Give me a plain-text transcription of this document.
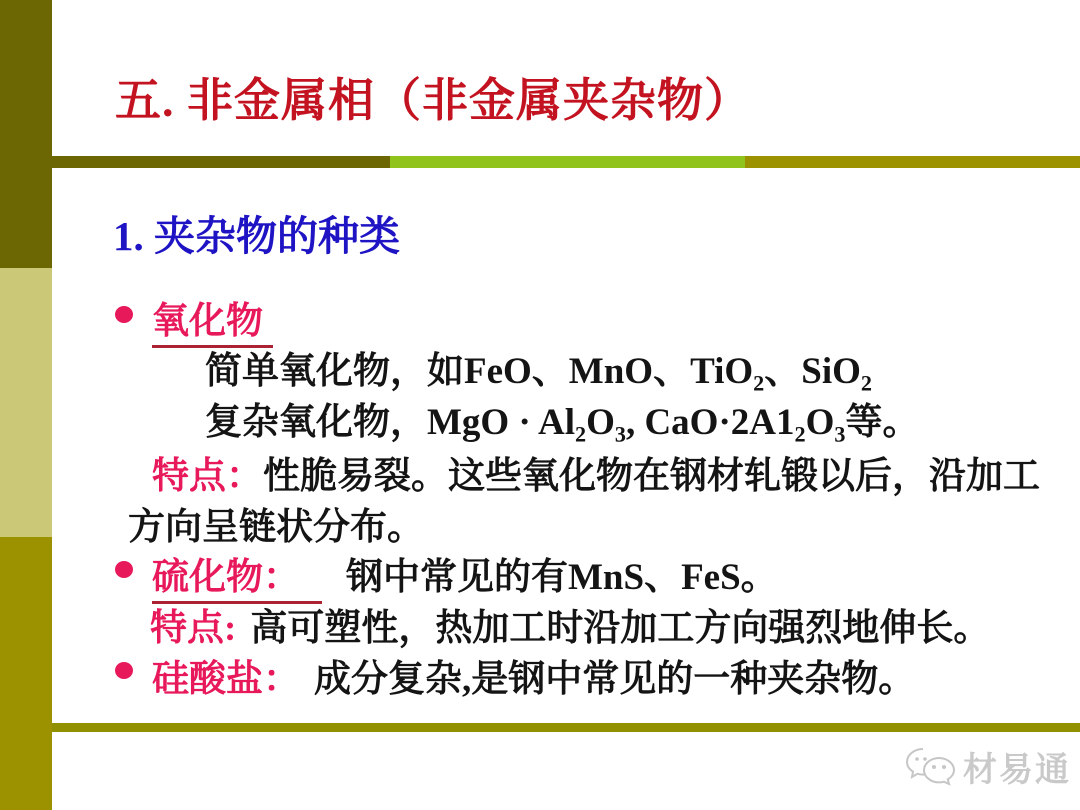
五. 非金属相（非金属夹杂物）
1. 夹杂物的种类
氧化物
简单氧化物，如FeO、MnO、TiO₂、SiO₂
复杂氧化物，MgO · Al₂O₃, CaO·2A1₂O₃等。
特点：性脆易裂。这些氧化物在钢材轧锻以后，沿加工方向呈链状分布。
硫化物： 钢中常见的有MnS、FeS。
特点: 高可塑性，热加工时沿加工方向强烈地伸长。
硅酸盐： 成分复杂,是钢中常见的一种夹杂物。
材易通
